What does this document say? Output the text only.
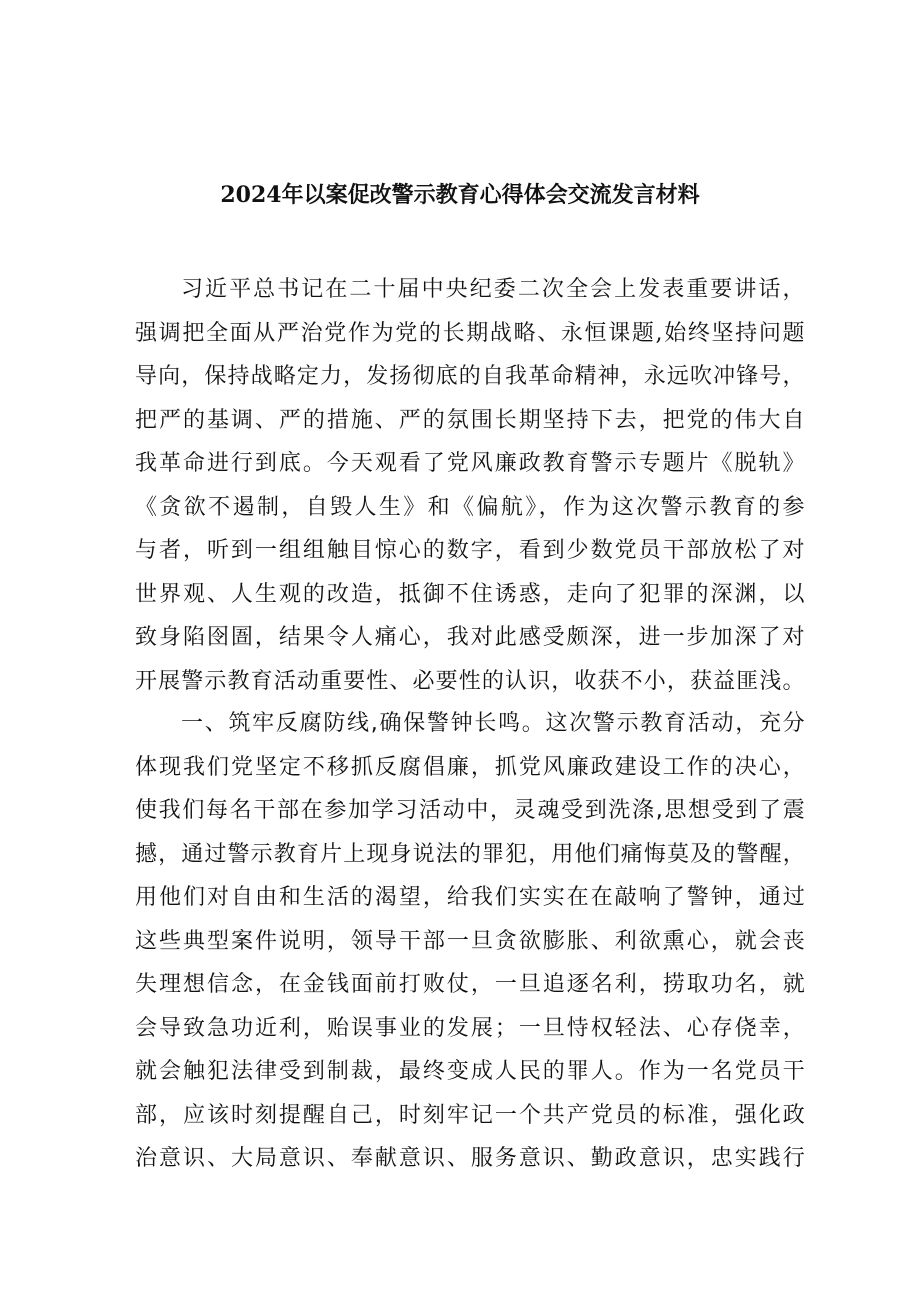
2024年以案促改警示教育心得体会交流发言材料
习近平总书记在二十届中央纪委二次全会上发表重要讲话，
强调把全面从严治党作为党的长期战略、永恒课题,始终坚持问题
导向，保持战略定力，发扬彻底的自我革命精神，永远吹冲锋号，
把严的基调、严的措施、严的氛围长期坚持下去，把党的伟大自
我革命进行到底。今天观看了党风廉政教育警示专题片《脱轨》
《贪欲不遏制，自毁人生》和《偏航》，作为这次警示教育的参
与者，听到一组组触目惊心的数字，看到少数党员干部放松了对
世界观、人生观的改造，抵御不住诱惑，走向了犯罪的深渊，以
致身陷囹圄，结果令人痛心，我对此感受颇深，进一步加深了对
开展警示教育活动重要性、必要性的认识，收获不小，获益匪浅。
一、筑牢反腐防线,确保警钟长鸣。这次警示教育活动，充分
体现我们党坚定不移抓反腐倡廉，抓党风廉政建设工作的决心，
使我们每名干部在参加学习活动中，灵魂受到洗涤,思想受到了震
撼，通过警示教育片上现身说法的罪犯，用他们痛悔莫及的警醒，
用他们对自由和生活的渴望，给我们实实在在敲响了警钟，通过
这些典型案件说明，领导干部一旦贪欲膨胀、利欲熏心，就会丧
失理想信念，在金钱面前打败仗，一旦追逐名利，捞取功名，就
会导致急功近利，贻误事业的发展；一旦恃权轻法、心存侥幸，
就会触犯法律受到制裁，最终变成人民的罪人。作为一名党员干
部，应该时刻提醒自己，时刻牢记一个共产党员的标准，强化政
治意识、大局意识、奉献意识、服务意识、勤政意识，忠实践行
